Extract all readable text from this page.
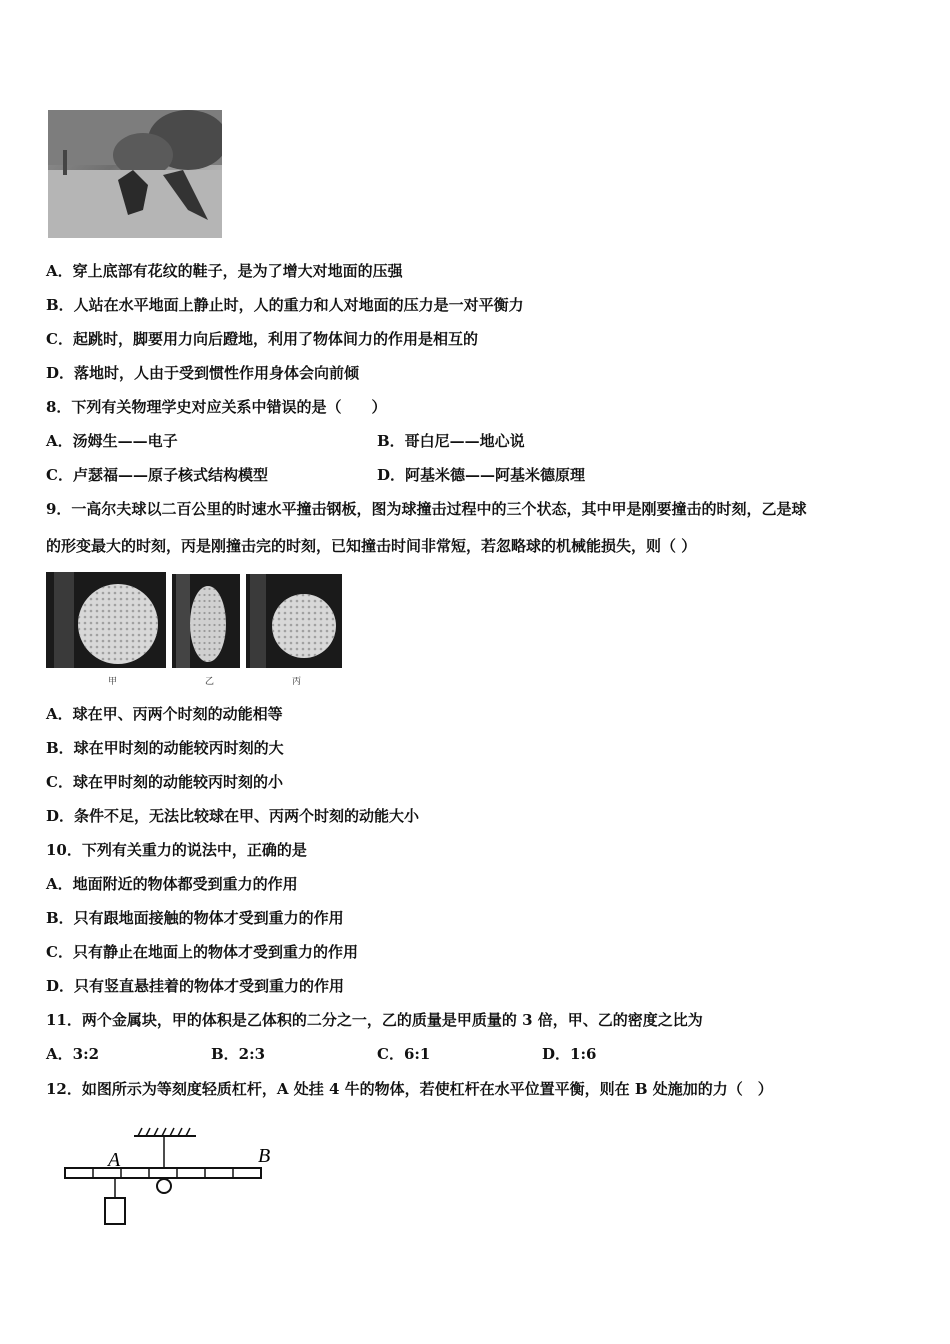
A．穿上底部有花纹的鞋子，是为了增大对地面的压强
B．人站在水平地面上静止时，人的重力和人对地面的压力是一对平衡力
C．起跳时，脚要用力向后蹬地，利用了物体间力的作用是相互的
D．落地时，人由于受到惯性作用身体会向前倾
8．下列有关物理学史对应关系中错误的是（　　）
A．汤姆生——电子	B．哥白尼——地心说
C．卢瑟福——原子核式结构模型	D．阿基米德——阿基米德原理
9．一高尔夫球以二百公里的时速水平撞击钢板，图为球撞击过程中的三个状态，其中甲是刚要撞击的时刻，乙是球
的形变最大的时刻，丙是刚撞击完的时刻，已知撞击时间非常短，若忽略球的机械能损失，则（ ）
甲	乙	丙
A．球在甲、丙两个时刻的动能相等
B．球在甲时刻的动能较丙时刻的大
C．球在甲时刻的动能较丙时刻的小
D．条件不足，无法比较球在甲、丙两个时刻的动能大小
10．下列有关重力的说法中，正确的是
A．地面附近的物体都受到重力的作用
B．只有跟地面接触的物体才受到重力的作用
C．只有静止在地面上的物体才受到重力的作用
D．只有竖直悬挂着的物体才受到重力的作用
11．两个金属块，甲的体积是乙体积的二分之一，乙的质量是甲质量的 3 倍，甲、乙的密度之比为
A．3:2	B．2:3	C．6:1	D．1:6
12．如图所示为等刻度轻质杠杆，A 处挂 4 牛的物体，若使杠杆在水平位置平衡，则在 B 处施加的力（　）
A	B
